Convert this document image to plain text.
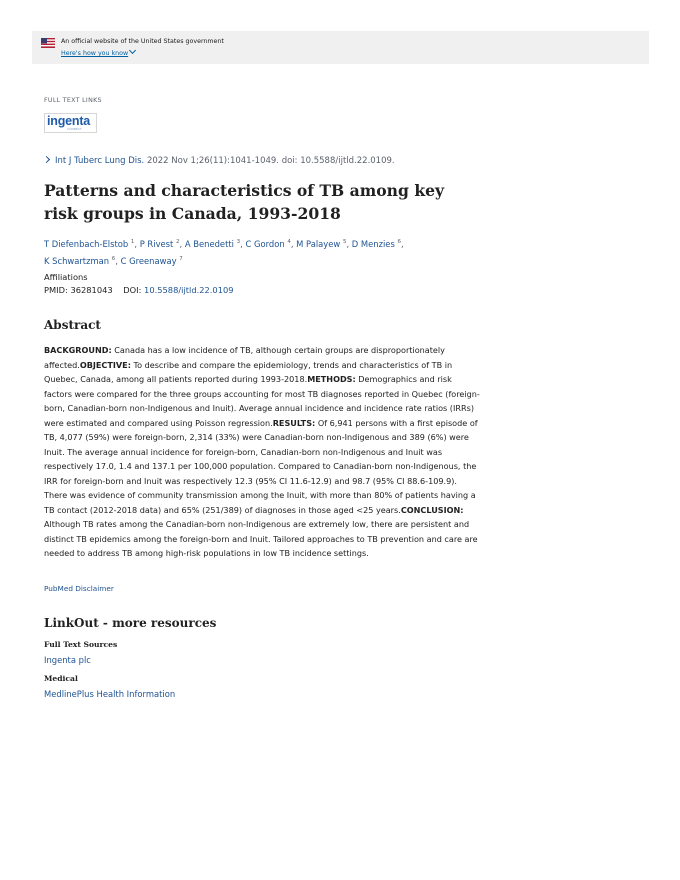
An official website of the United States government
Here's how you know
FULL TEXT LINKS
ingenta
CONNECT
Int J Tuberc Lung Dis. 2022 Nov 1;26(11):1041-1049. doi: 10.5588/ijtld.22.0109.
Patterns and characteristics of TB among key risk groups in Canada, 1993-2018
T Diefenbach-Elstob $^1$, P Rivest $^2$, A Benedetti $^3$, C Gordon $^4$, M Palayew $^5$, D Menzies $^6$,
K Schwartzman $^6$, C Greenaway $^7$
Affiliations
PMID: 36281043 DOI: 10.5588/ijtld.22.0109
Abstract

BACKGROUND: Canada has a low incidence of TB, although certain groups are disproportionately affected.OBJECTIVE: To describe and compare the epidemiology, trends and characteristics of TB in Quebec, Canada, among all patients reported during 1993-2018.METHODS: Demographics and risk factors were compared for the three groups accounting for most TB diagnoses reported in Quebec (foreign-born, Canadian-born non-Indigenous and Inuit). Average annual incidence and incidence rate ratios (IRRs) were estimated and compared using Poisson regression.RESULTS: Of 6,941 persons with a first episode of TB, 4,077 (59%) were foreign-born, 2,314 (33%) were Canadian-born non-Indigenous and 389 (6%) were Inuit. The average annual incidence for foreign-born, Canadian-born non-Indigenous and Inuit was respectively 17.0, 1.4 and 137.1 per 100,000 population. Compared to Canadian-born non-Indigenous, the IRR for foreign-born and Inuit was respectively 12.3 (95% CI 11.6-12.9) and 98.7 (95% CI 88.6-109.9). There was evidence of community transmission among the Inuit, with more than 80% of patients having a TB contact (2012-2018 data) and 65% (251/389) of diagnoses in those aged <25 years.CONCLUSION: Although TB rates among the Canadian-born non-Indigenous are extremely low, there are persistent and distinct TB epidemics among the foreign-born and Inuit. Tailored approaches to TB prevention and care are needed to address TB among high-risk populations in low TB incidence settings.

PubMed Disclaimer
LinkOut - more resources
Full Text Sources
Ingenta plc
Medical
MedlinePlus Health Information
